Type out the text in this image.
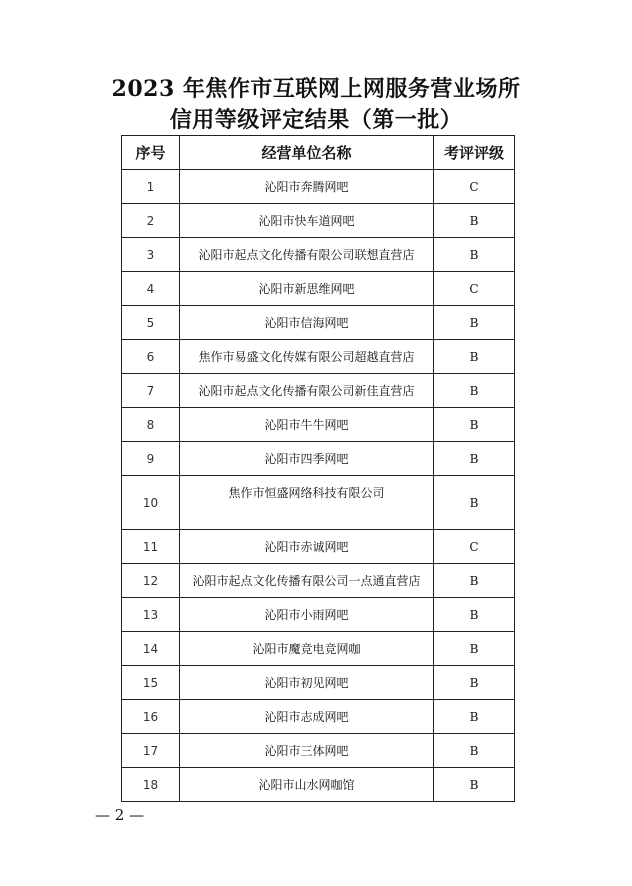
2023 年焦作市互联网上网服务营业场所
信用等级评定结果（第一批）
序号	经营单位名称	考评评级
1	沁阳市奔腾网吧	C
2	沁阳市快车道网吧	B
3	沁阳市起点文化传播有限公司联想直营店	B
4	沁阳市新思维网吧	C
5	沁阳市信海网吧	B
6	焦作市易盛文化传媒有限公司超越直营店	B
7	沁阳市起点文化传播有限公司新佳直营店	B
8	沁阳市牛牛网吧	B
9	沁阳市四季网吧	B
10	焦作市恒盛网络科技有限公司	B
11	沁阳市赤诚网吧	C
12	沁阳市起点文化传播有限公司一点通直营店	B
13	沁阳市小雨网吧	B
14	沁阳市魔竞电竞网咖	B
15	沁阳市初见网吧	B
16	沁阳市志成网吧	B
17	沁阳市三体网吧	B
18	沁阳市山水网咖馆	B
— 2 —
